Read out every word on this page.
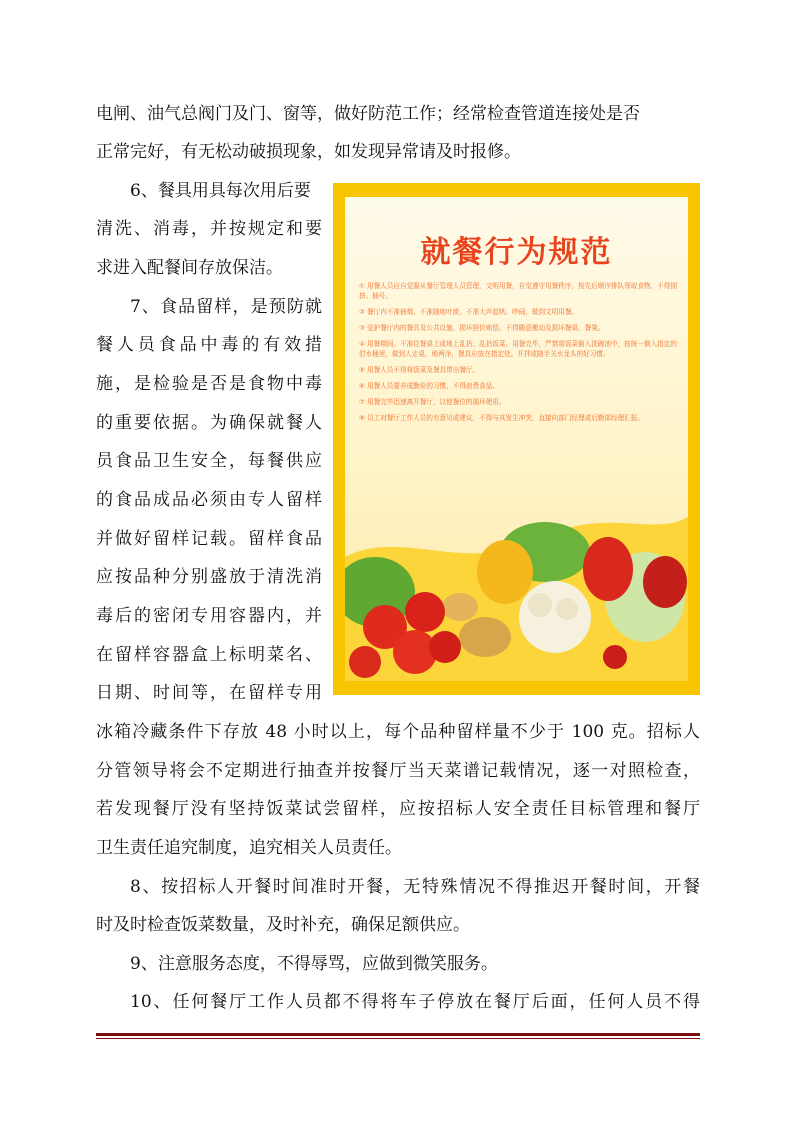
电闸、油气总阀门及门、窗等，做好防范工作；经常检查管道连接处是否
正常完好，有无松动破损现象，如发现异常请及时报修。
6、餐具用具每次用后要
清洗、消毒，并按规定和要
求进入配餐间存放保洁。
7、食品留样，是预防就
餐人员食品中毒的有效措
施，是检验是否是食物中毒
的重要依据。为确保就餐人
员食品卫生安全，每餐供应
的食品成品必须由专人留样
并做好留样记载。留样食品
应按品种分别盛放于清洗消
毒后的密闭专用容器内，并
在留样容器盒上标明菜名、
日期、时间等，在留样专用
冰箱冷藏条件下存放 48 小时以上，每个品种留样量不少于 100 克。招标人
分管领导将会不定期进行抽查并按餐厅当天菜谱记载情况，逐一对照检查，
若发现餐厅没有坚持饭菜试尝留样，应按招标人安全责任目标管理和餐厅
卫生责任追究制度，追究相关人员责任。
8、按招标人开餐时间准时开餐，无特殊情况不得推迟开餐时间，开餐
时及时检查饭菜数量，及时补充，确保足额供应。
9、注意服务态度，不得辱骂，应做到微笑服务。
10、任何餐厅工作人员都不得将车子停放在餐厅后面，任何人员不得
就餐行为规范
① 用餐人员应自觉服从餐厅管理人员管理，文明用餐，自觉遵守用餐秩序，按先后顺序排队领取食物，不得拥挤、插号。
② 餐厅内不准抽烟、不准随地吐痰、不准大声起哄、吵闹，做到文明用餐。
③ 爱护餐厅内的餐具及公共设施，损坏照价赔偿。不得随意搬动及损坏餐桌、餐凳。
④ 用餐期间，不准往餐桌上或地上乱扔、乱扔饭菜。用餐完毕，严禁将饭菜倒入洗碗池中，按统一倒入指定的泔水桶里，做到人走桌、地两净，餐具应放在指定处。开拌或随手关水龙头的好习惯。
⑤ 用餐人员不得将饭菜及餐具带出餐厅。
⑥ 用餐人员要养成勤俭的习惯，不得浪费食品。
⑦ 用餐完毕迅速离开餐厅，以便餐位的循环使用。
⑧ 员工对餐厅工作人员的有意见或建议，不得与其发生冲突，直接向部门经理或后勤部经理汇报。
